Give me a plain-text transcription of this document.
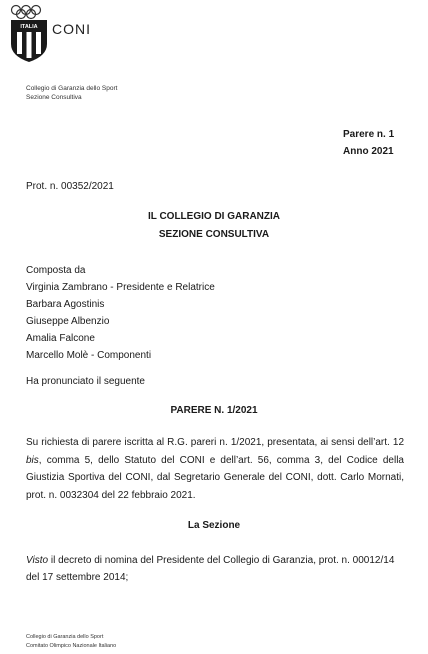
ITALIA CONI
Collegio di Garanzia dello Sport
Sezione Consultiva
Parere n. 1
Anno 2021
Prot. n. 00352/2021
IL COLLEGIO DI GARANZIA
SEZIONE CONSULTIVA
Composta da
Virginia Zambrano - Presidente e Relatrice
Barbara Agostinis
Giuseppe Albenzio
Amalia Falcone
Marcello Molè - Componenti
Ha pronunciato il seguente
PARERE N. 1/2021
Su richiesta di parere iscritta al R.G. pareri n. 1/2021, presentata, ai sensi dell’art. 12 bis, comma 5, dello Statuto del CONI e dell’art. 56, comma 3, del Codice della Giustizia Sportiva del CONI, dal Segretario Generale del CONI, dott. Carlo Mornati, prot. n. 0032304 del 22 febbraio 2021.
La Sezione
Visto il decreto di nomina del Presidente del Collegio di Garanzia, prot. n. 00012/14 del 17 settembre 2014;
Collegio di Garanzia dello Sport
Comitato Olimpico Nazionale Italiano
